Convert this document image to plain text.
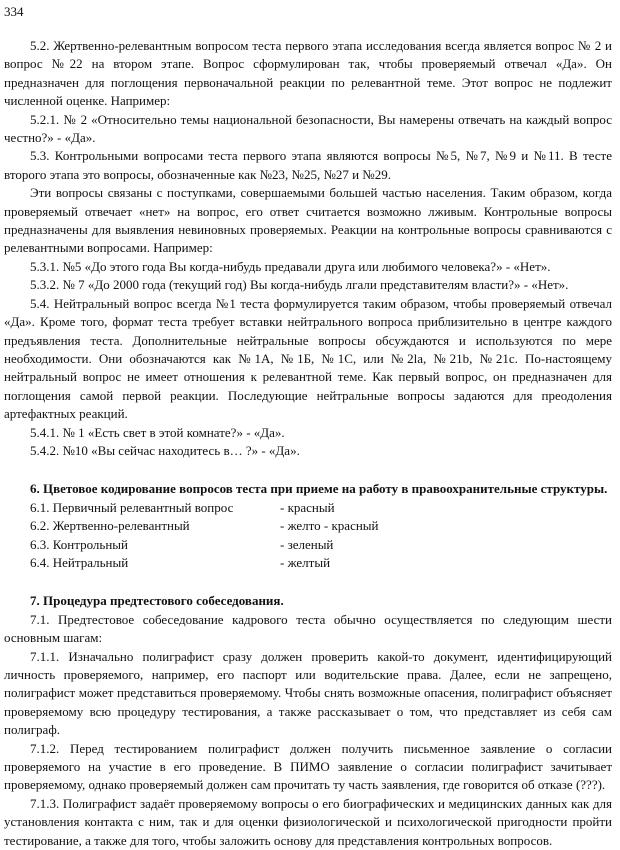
334

5.2. Жертвенно-релевантным вопросом теста первого этапа исследования всегда является вопрос № 2 и вопрос №22 на втором этапе. Вопрос сформулирован так, чтобы проверяемый отвечал «Да». Он предназначен для поглощения первоначальной реакции по релевантной теме. Этот вопрос не подлежит численной оценке. Например:

5.2.1. № 2 «Относительно темы национальной безопасности, Вы намерены отвечать на каждый вопрос честно?» - «Да».

5.3. Контрольными вопросами теста первого этапа являются вопросы №5, №7, №9 и №11. В тесте второго этапа это вопросы, обозначенные как №23, №25, №27 и №29.

Эти вопросы связаны с поступками, совершаемыми большей частью населения. Таким образом, когда проверяемый отвечает «нет» на вопрос, его ответ считается возможно лживым. Контрольные вопросы предназначены для выявления невиновных проверяемых. Реакции на контрольные вопросы сравниваются с релевантными вопросами. Например:

5.3.1. №5 «До этого года Вы когда-нибудь предавали друга или любимого человека?» - «Нет».

5.3.2. № 7 «До 2000 года (текущий год) Вы когда-нибудь лгали представителям власти?» - «Нет».

5.4. Нейтральный вопрос всегда №1 теста формулируется таким образом, чтобы проверяемый отвечал «Да». Кроме того, формат теста требует вставки нейтрального вопроса приблизительно в центре каждого предъявления теста. Дополнительные нейтральные вопросы обсуждаются и используются по мере необходимости. Они обозначаются как №1А, №1Б, №1С, или №2la, №21b, №21с. По-настоящему нейтральный вопрос не имеет отношения к релевантной теме. Как первый вопрос, он предназначен для поглощения самой первой реакции. Последующие нейтральные вопросы задаются для преодоления артефактных реакций.

5.4.1. № 1 «Есть свет в этой комнате?» - «Да».

5.4.2. №10 «Вы сейчас находитесь в… ?» - «Да».

6. Цветовое кодирование вопросов теста при приеме на работу в правоохранительные структуры.

6.1. Первичный релевантный вопрос	- красный
6.2. Жертвенно-релевантный	- желто - красный
6.3. Контрольный	- зеленый
6.4. Нейтральный	- желтый

7. Процедура предтестового собеседования.

7.1. Предтестовое собеседование кадрового теста обычно осуществляется по следующим шести основным шагам:

7.1.1. Изначально полиграфист сразу должен проверить какой-то документ, идентифицирующий личность проверяемого, например, его паспорт или водительские права. Далее, если не запрещено, полиграфист может представиться проверяемому. Чтобы снять возможные опасения, полиграфист объясняет проверяемому всю процедуру тестирования, а также рассказывает о том, что представляет из себя сам полиграф.

7.1.2. Перед тестированием полиграфист должен получить письменное заявление о согласии проверяемого на участие в его проведение. В ПИМО заявление о согласии полиграфист зачитывает проверяемому, однако проверяемый должен сам прочитать ту часть заявления, где говорится об отказе (???).

7.1.3. Полиграфист задаёт проверяемому вопросы о его биографических и медицинских данных как для установления контакта с ним, так и для оценки физиологической и психологической пригодности пройти тестирование, а также для того, чтобы заложить основу для представления контрольных вопросов.
